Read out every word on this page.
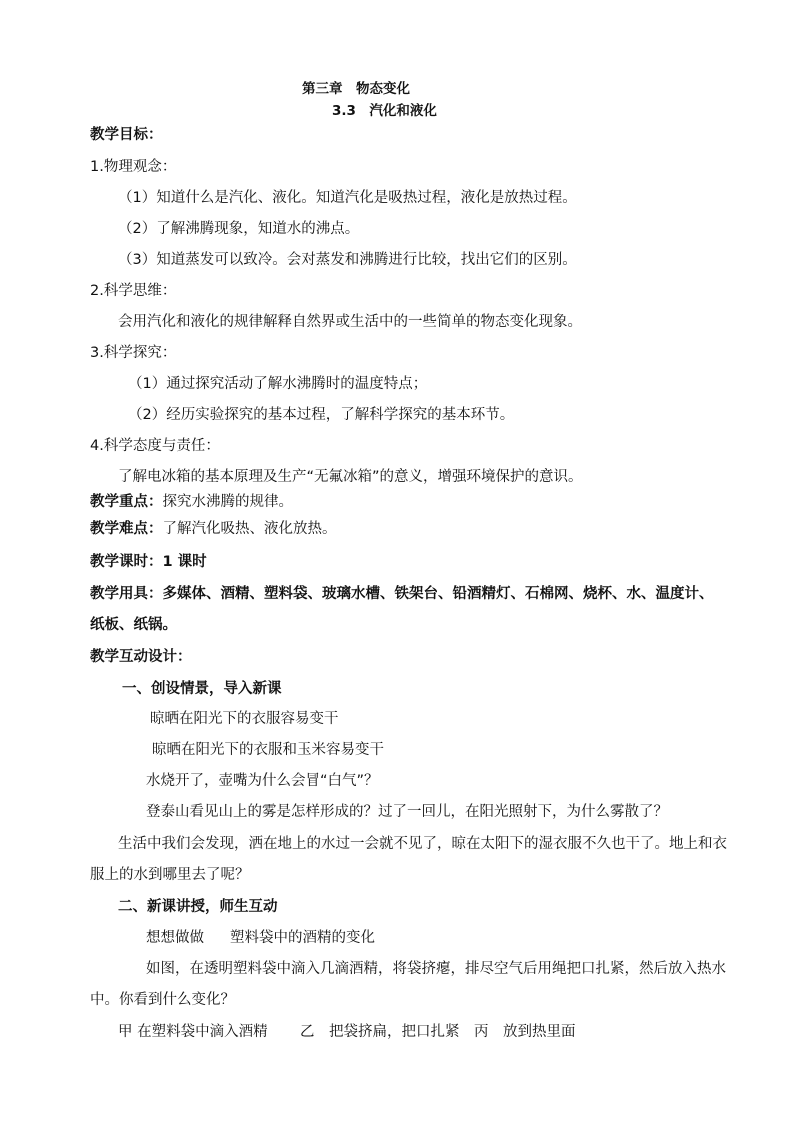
第三章　物态变化
3.3　汽化和液化
教学目标：
1.物理观念：
（1）知道什么是汽化、液化。知道汽化是吸热过程，液化是放热过程。
（2）了解沸腾现象，知道水的沸点。
（3）知道蒸发可以致冷。会对蒸发和沸腾进行比较，找出它们的区别。
2.科学思维：
会用汽化和液化的规律解释自然界或生活中的一些简单的物态变化现象。
3.科学探究：
（1）通过探究活动了解水沸腾时的温度特点；
（2）经历实验探究的基本过程，了解科学探究的基本环节。
4.科学态度与责任：
了解电冰箱的基本原理及生产“无氟冰箱”的意义，增强环境保护的意识。
教学重点：探究水沸腾的规律。
教学难点：了解汽化吸热、液化放热。
教学课时：1 课时
教学用具：多媒体、酒精、塑料袋、玻璃水槽、铁架台、铅酒精灯、石棉网、烧杯、水、温度计、
纸板、纸锅。
教学互动设计：
一、创设情景，导入新课
晾晒在阳光下的衣服容易变干
晾晒在阳光下的衣服和玉米容易变干
水烧开了，壶嘴为什么会冒“白气”？
登泰山看见山上的雾是怎样形成的？过了一回儿，在阳光照射下，为什么雾散了？
生活中我们会发现，洒在地上的水过一会就不见了，晾在太阳下的湿衣服不久也干了。地上和衣
服上的水到哪里去了呢？
二、新课讲授，师生互动
想想做做 塑料袋中的酒精的变化
如图，在透明塑料袋中滴入几滴酒精，将袋挤瘪，排尽空气后用绳把口扎紧，然后放入热水
中。你看到什么变化？
甲 在塑料袋中滴入酒精 乙　把袋挤扁，把口扎紧 丙　放到热里面
